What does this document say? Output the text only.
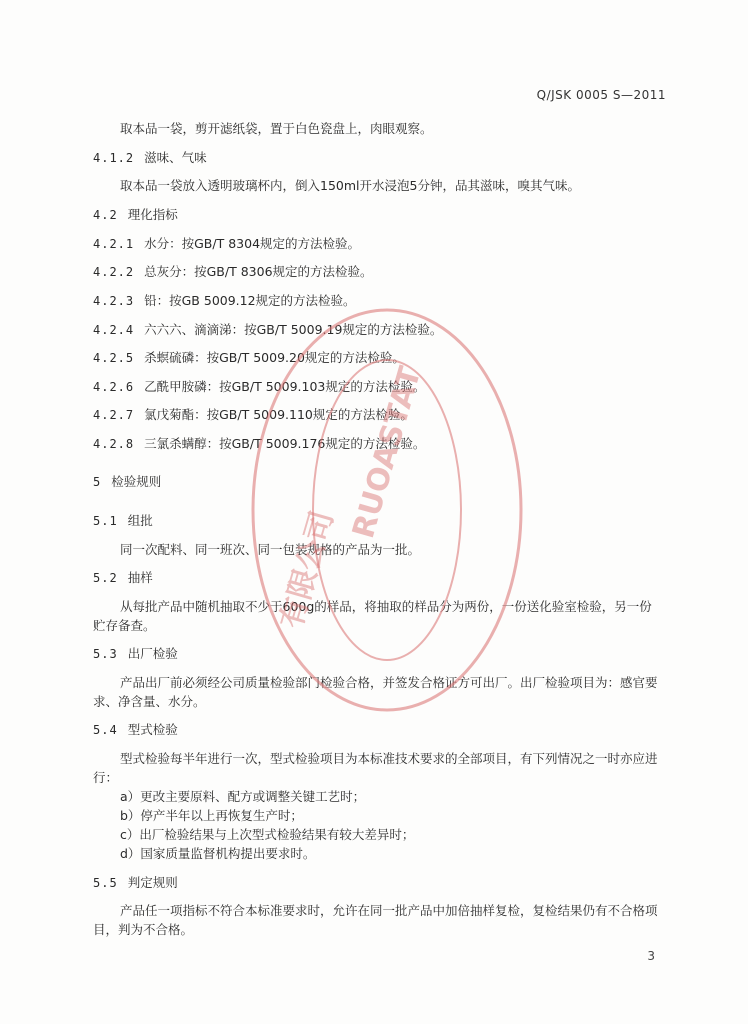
Q/JSK 0005 S—2011
取本品一袋，剪开滤纸袋，置于白色瓷盘上，肉眼观察。
4.1.2 滋味、气味
取本品一袋放入透明玻璃杯内，倒入150ml开水浸泡5分钟，品其滋味，嗅其气味。
4.2 理化指标
4.2.1 水分：按GB/T 8304规定的方法检验。
4.2.2 总灰分：按GB/T 8306规定的方法检验。
4.2.3 铅：按GB 5009.12规定的方法检验。
4.2.4 六六六、滴滴涕：按GB/T 5009.19规定的方法检验。
4.2.5 杀螟硫磷：按GB/T 5009.20规定的方法检验。
4.2.6 乙酰甲胺磷：按GB/T 5009.103规定的方法检验。
4.2.7 氯戊菊酯：按GB/T 5009.110规定的方法检验。
4.2.8 三氯杀螨醇：按GB/T 5009.176规定的方法检验。
5 检验规则
5.1 组批
同一次配料、同一班次、同一包装规格的产品为一批。
5.2 抽样
从每批产品中随机抽取不少于600g的样品，将抽取的样品分为两份，一份送化验室检验，另一份
贮存备查。
5.3 出厂检验
产品出厂前必须经公司质量检验部门检验合格，并签发合格证方可出厂。出厂检验项目为：感官要
求、净含量、水分。
5.4 型式检验
型式检验每半年进行一次，型式检验项目为本标准技术要求的全部项目，有下列情况之一时亦应进
行：
a）更改主要原料、配方或调整关键工艺时；
b）停产半年以上再恢复生产时；
c）出厂检验结果与上次型式检验结果有较大差异时；
d）国家质量监督机构提出要求时。
5.5 判定规则
产品任一项指标不符合本标准要求时，允许在同一批产品中加倍抽样复检，复检结果仍有不合格项
目，判为不合格。
3
RUOASTAT
有限公司
